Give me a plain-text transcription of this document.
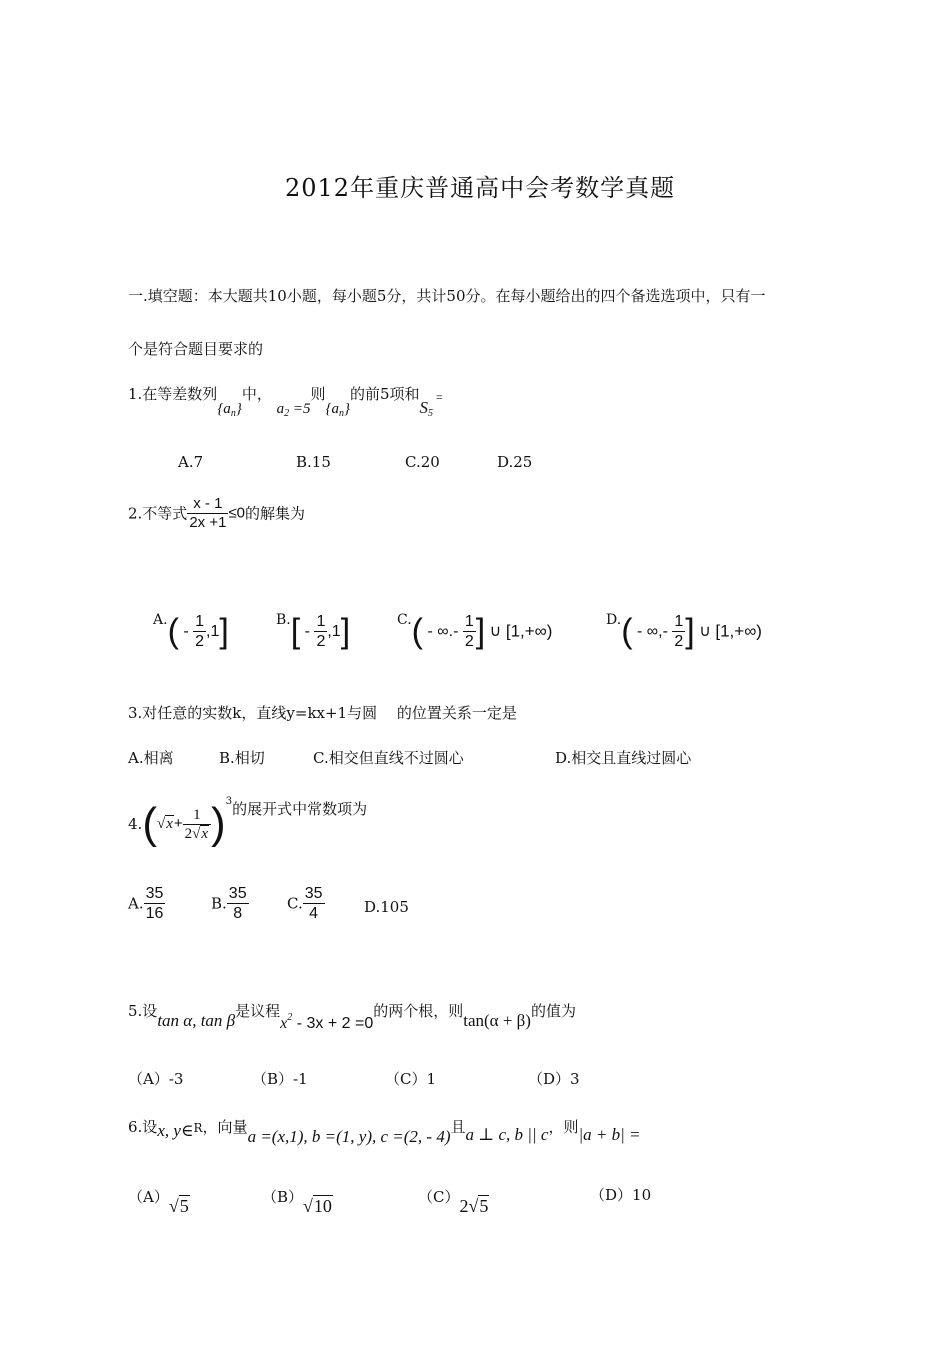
2012年重庆普通高中会考数学真题
一.填空题：本大题共10小题，每小题5分，共计50分。在每小题给出的四个备选选项中，只有一
个是符合题目要求的
1.在等差数列$\{a_n\}$中， $a_2 =5$则$\{a_n\}$的前5项和$S_5$ =
A.7	B.15	C.20	D.25
2.不等式 $\frac{x - 1}{2x +1} \le 0$的解集为
$A.( - \frac{1}{2} ,1]$	$B.[ - \frac{1}{2} ,1]$	C.( - ∞.- $\frac{1}{2}$ ] ∪ [1,+∞)
D.( - ∞,- $\frac{1}{2}$ ] ∪ [1,+∞)
3.对任意的实数k，直线y=kx+1与圆 　的位置关系一定是
A.相离	B.相切	C.相交但直线不过圆心	D.相交且直线过圆心
$4.(√x+ \frac{1}{2√x} )^3$的展开式中常数项为
A. $\frac{35}{16}$	B. $\frac{35}{8}$	C. $\frac{35}{4}$	D.105
5.设tan α, tan β是议程$x^2 - 3x + 2 =0$的两个根，则tan(α + β)的值为
（A）-3	（B）-1	（C）1	（D）3
6.设x, y∈R，向量a =(x,1), b =(1, y), c =(2, - 4)且a ⊥ c, b || c，则|a + b| =
（A）√5	（B）√10	（C）2√5
（D）10
